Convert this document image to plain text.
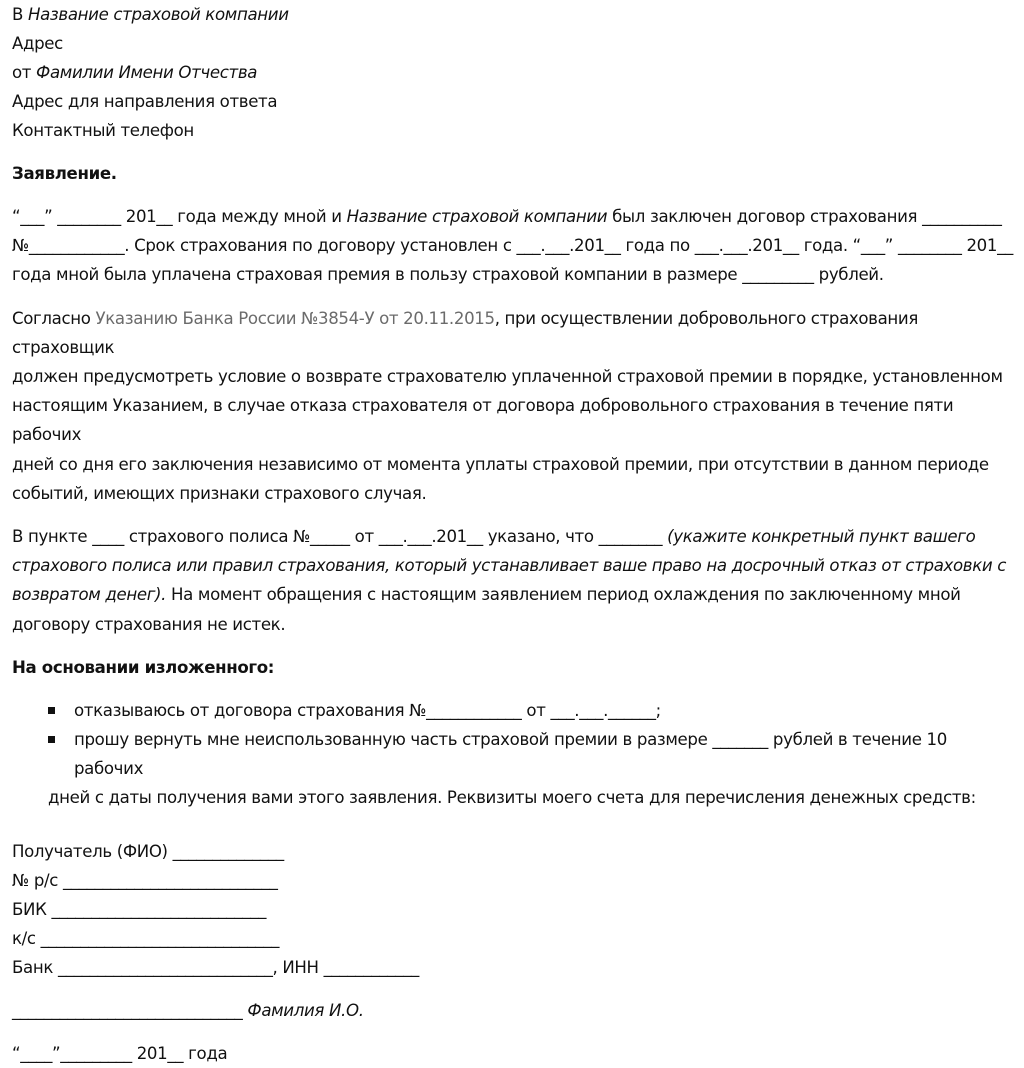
В Название страховой компании
Адрес
от Фамилии Имени Отчества
Адрес для направления ответа
Контактный телефон
Заявление.

“___” ________ 201__ года между мной и Название страховой компании был заключен договор страхования __________
№____________. Срок страхования по договору установлен с ___.___.201__ года по ___.___.201__ года. “___” ________ 201__
года мной была уплачена страховая премия в пользу страховой компании в размере _________ рублей.

Согласно Указанию Банка России №3854-У от 20.11.2015, при осуществлении добровольного страхования страховщик
должен предусмотреть условие о возврате страхователю уплаченной страховой премии в порядке, установленном
настоящим Указанием, в случае отказа страхователя от договора добровольного страхования в течение пяти рабочих
дней со дня его заключения независимо от момента уплаты страховой премии, при отсутствии в данном периоде
событий, имеющих признаки страхового случая.

В пункте ____ страхового полиса №_____ от ___.___.201__ указано, что ________ (укажите конкретный пункт вашего
страхового полиса или правил страхования, который устанавливает ваше право на досрочный отказ от страховки с
возвратом денег). На момент обращения с настоящим заявлением период охлаждения по заключенному мной
договору страхования не истек.

На основании изложенного:
отказываюсь от договора страхования №____________ от ___.___.______;
прошу вернуть мне неиспользованную часть страховой премии в размере _______ рублей в течение 10 рабочих
дней с даты получения вами этого заявления. Реквизиты моего счета для перечисления денежных средств:
Получатель (ФИО) ______________
№ р/с ___________________________
БИК ___________________________
к/с ______________________________
Банк ___________________________, ИНН ____________
_____________________________ Фамилия И.О.
“____”_________ 201__ года
